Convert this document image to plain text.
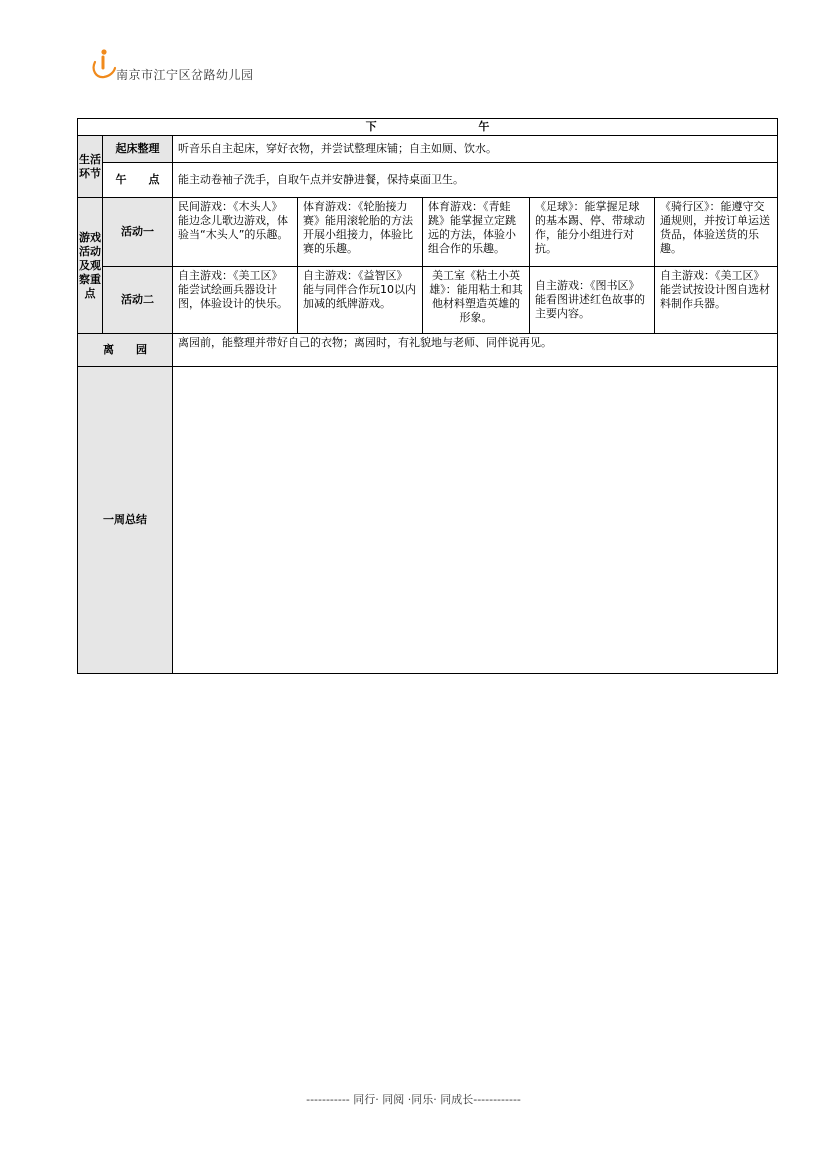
南京市江宁区岔路幼儿园
下 午						
生活环节	起床整理	听音乐自主起床，穿好衣物，并尝试整理床铺；自主如厕、饮水。				
	午　　点	能主动卷袖子洗手，自取午点并安静进餐，保持桌面卫生。				
游戏活动及观察重点	活动一	民间游戏：《木头人》能边念儿歌边游戏，体验当“木头人”的乐趣。	体育游戏：《轮胎接力赛》能用滚轮胎的方法开展小组接力，体验比赛的乐趣。	体育游戏：《青蛙跳》能掌握立定跳远的方法，体验小组合作的乐趣。	《足球》：能掌握足球的基本踢、停、带球动作，能分小组进行对抗。	《骑行区》：能遵守交通规则，并按订单运送货品，体验送货的乐趣。
	活动二	自主游戏：《美工区》能尝试绘画兵器设计图，体验设计的快乐。	自主游戏：《益智区》能与同伴合作玩10以内加减的纸牌游戏。	美工室《粘土小英雄》：能用粘土和其他材料塑造英雄的形象。	自主游戏：《图书区》能看图讲述红色故事的主要内容。	自主游戏：《美工区》能尝试按设计图自选材料制作兵器。
离　　园		离园前，能整理并带好自己的衣物；离园时，有礼貌地与老师、同伴说再见。				
一周总结						
----------- 同行· 同阅 ·同乐· 同成长------------
